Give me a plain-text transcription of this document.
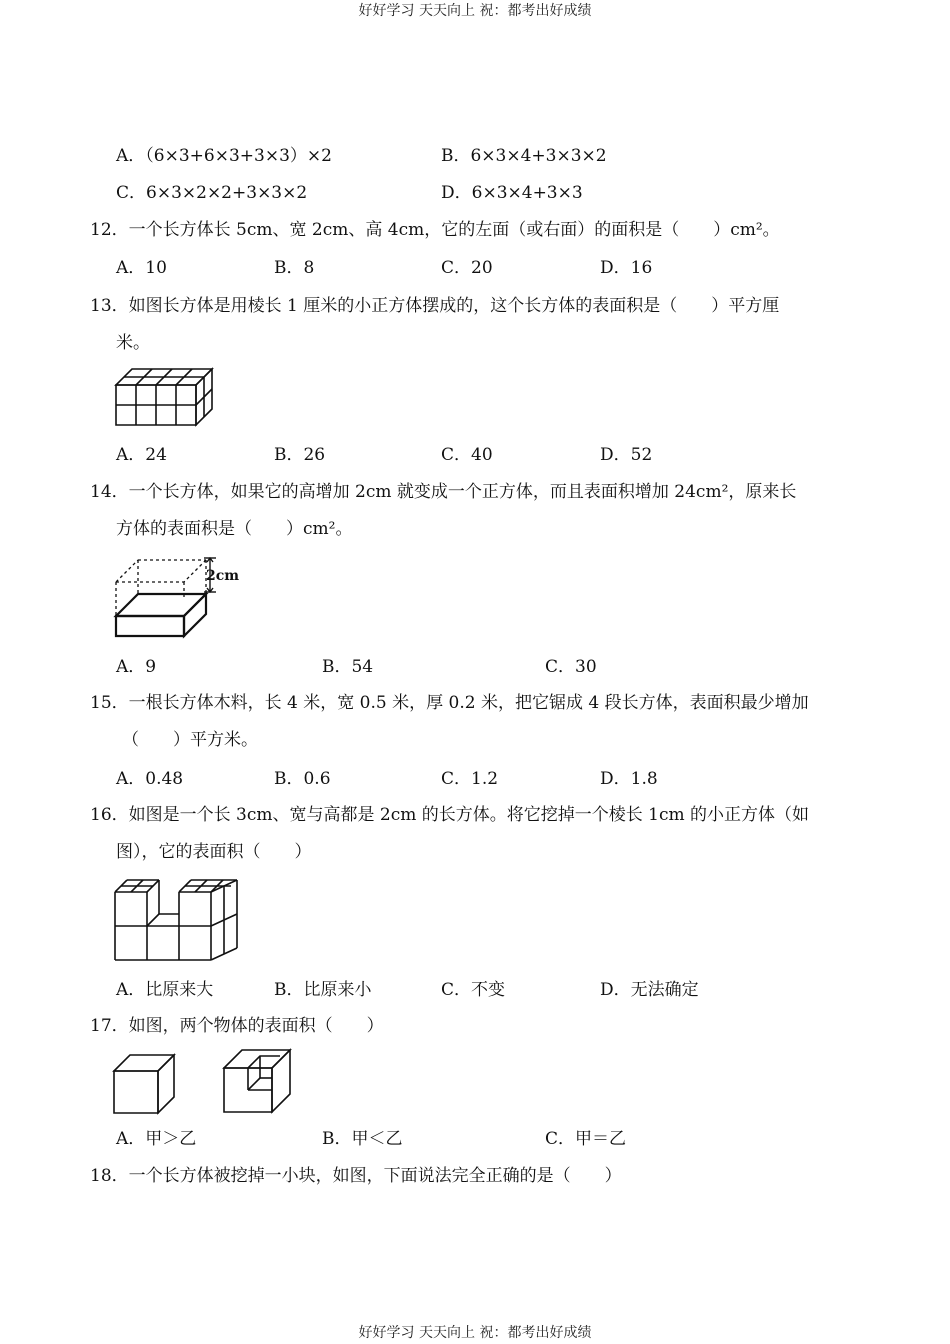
好好学习 天天向上 祝：都考出好成绩
A．（6×3+6×3+3×3）×2	B．6×3×4+3×3×2
C．6×3×2×2+3×3×2	D．6×3×4+3×3
12．一个长方体长 5cm、宽 2cm、高 4cm，它的左面（或右面）的面积是（　　）cm²。
A．10	B．8	C．20	D．16
13．如图长方体是用棱长 1 厘米的小正方体摆成的，这个长方体的表面积是（　　）平方厘
米。
A．24	B．26	C．40	D．52
14．一个长方体，如果它的高增加 2cm 就变成一个正方体，而且表面积增加 24cm²，原来长
方体的表面积是（　　）cm²。
2cm
A．9	B．54	C．30
15．一根长方体木料，长 4 米，宽 0.5 米，厚 0.2 米，把它锯成 4 段长方体，表面积最少增加
（　　）平方米。
A．0.48	B．0.6	C．1.2	D．1.8
16．如图是一个长 3cm、宽与高都是 2cm 的长方体。将它挖掉一个棱长 1cm 的小正方体（如
图），它的表面积（　　）
A．比原来大	B．比原来小	C．不变	D．无法确定
17．如图，两个物体的表面积（　　）
A．甲＞乙	B．甲＜乙	C．甲＝乙
18．一个长方体被挖掉一小块，如图，下面说法完全正确的是（　　）
好好学习 天天向上 祝：都考出好成绩
